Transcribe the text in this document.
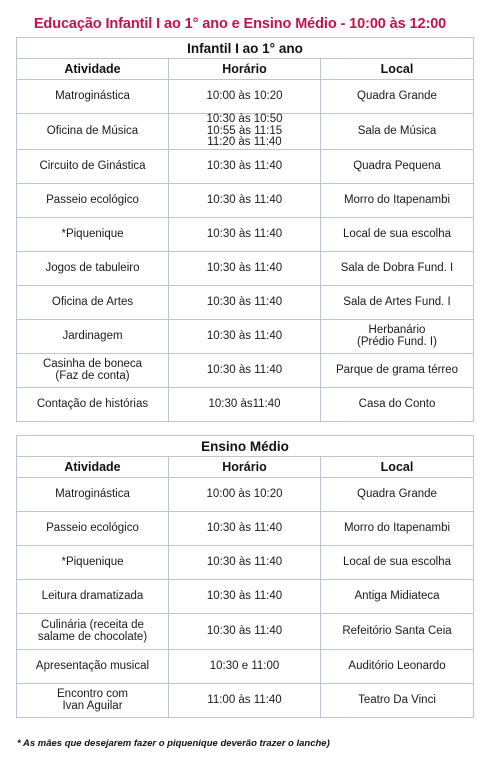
Educação Infantil I ao 1° ano e Ensino Médio - 10:00 às 12:00
Infantil I ao 1° ano		
Atividade	Horário	Local
Matroginástica	10:00 às 10:20	Quadra Grande
Oficina de Música	10:30 às 10:50
10:55 às 11:15
11:20 às 11:40	Sala de Música
Circuito de Ginástica	10:30 às 11:40	Quadra Pequena
Passeio ecológico	10:30 às 11:40	Morro do Itapenambi
*Piquenique	10:30 às 11:40	Local de sua escolha
Jogos de tabuleiro	10:30 às 11:40	Sala de Dobra Fund. I
Oficina de Artes	10:30 às 11:40	Sala de Artes Fund. I
Jardinagem	10:30 às 11:40	Herbanário
(Prédio Fund. I)
Casinha de boneca
(Faz de conta)	10:30 às 11:40	Parque de grama térreo
Contação de histórias	10:30 às11:40	Casa do Conto
Ensino Médio		
Atividade	Horário	Local
Matroginástica	10:00 às 10:20	Quadra Grande
Passeio ecológico	10:30 às 11:40	Morro do Itapenambi
*Piquenique	10:30 às 11:40	Local de sua escolha
Leitura dramatizada	10:30 às 11:40	Antiga Midiateca
Culinária (receita de
salame de chocolate)	10:30 às 11:40	Refeitório Santa Ceia
Apresentação musical	10:30 e 11:00	Auditório Leonardo
Encontro com
Ivan Aguilar	11:00 às 11:40	Teatro Da Vinci
* As mães que desejarem fazer o piquenique deverão trazer o lanche)
